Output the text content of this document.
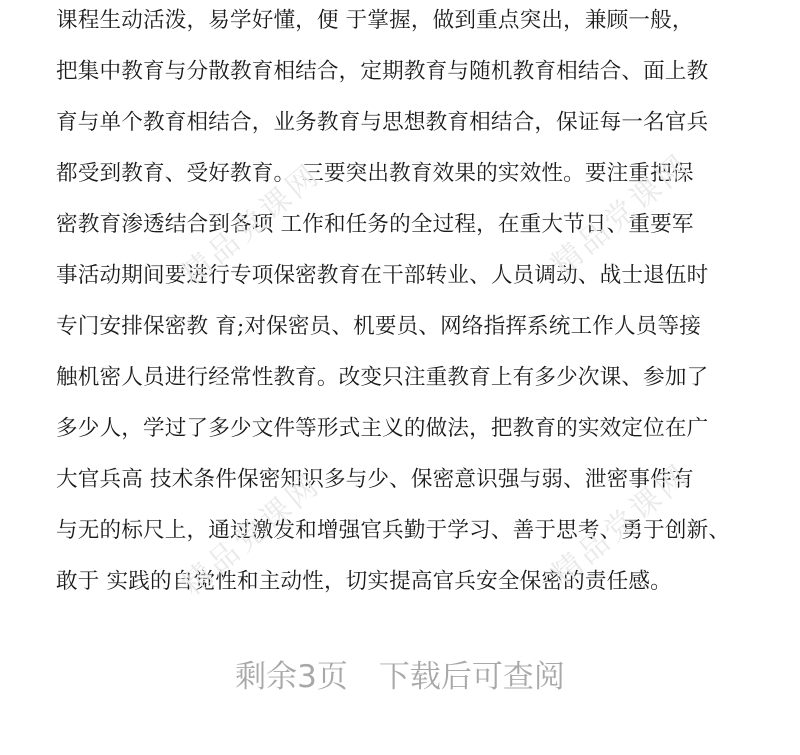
课程生动活泼，易学好懂，便 于掌握，做到重点突出，兼顾一般，
把集中教育与分散教育相结合，定期教育与随机教育相结合、面上教
育与单个教育相结合，业务教育与思想教育相结合，保证每一名官兵
都受到教育、受好教育。 三要突出教育效果的实效性。要注重把保
密教育渗透结合到各项 工作和任务的全过程，在重大节日、重要军
事活动期间要进行专项保密教育在干部转业、人员调动、战士退伍时
专门安排保密教 育;对保密员、机要员、网络指挥系统工作人员等接
触机密人员进行经常性教育。改变只注重教育上有多少次课、参加了
多少人，学过了多少文件等形式主义的做法，把教育的实效定位在广
大官兵高 技术条件保密知识多与少、保密意识强与弱、泄密事件有
与无的标尺上，通过激发和增强官兵勤于学习、善于思考、勇于创新、
敢于 实践的自觉性和主动性，切实提高官兵安全保密的责任感。
精品党课网	精品党课网
精品党课网	精品党课网
剩余3页　下载后可查阅
